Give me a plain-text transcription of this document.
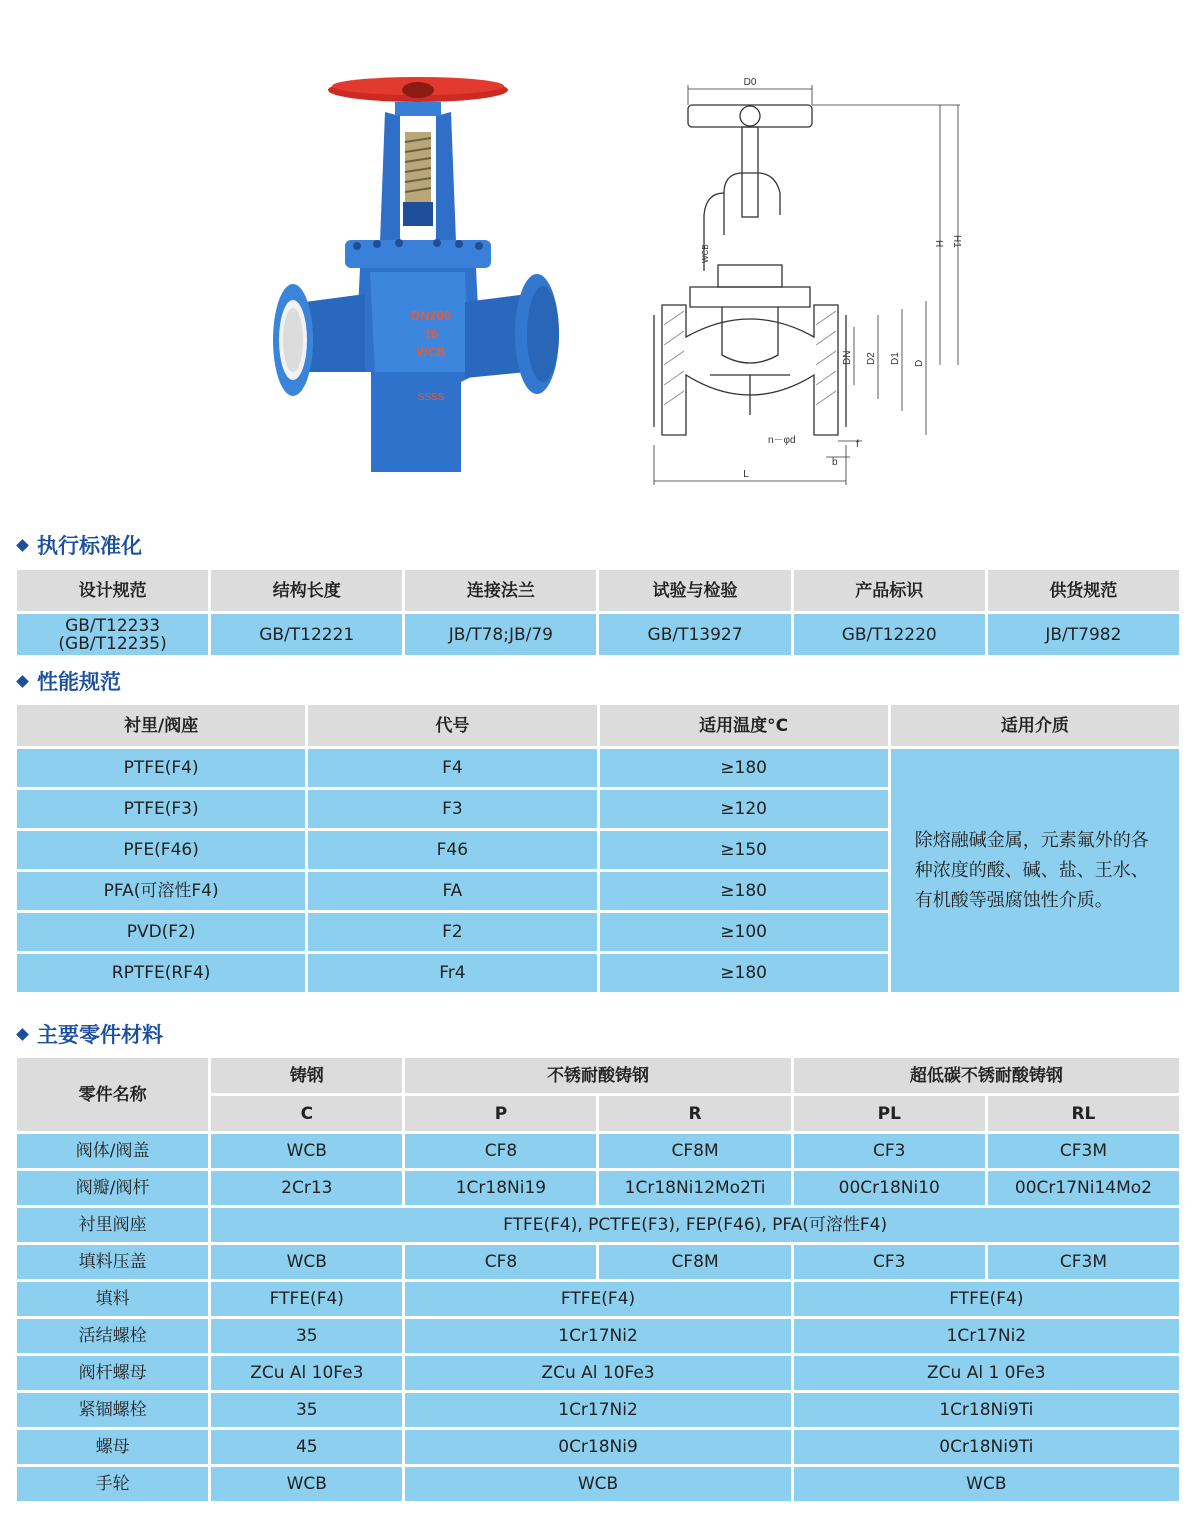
DN200
16
WCB
SSSS
D0
H H1
DN D2 D1 D
n－φd	f
b
L
WCB
执行标准化
设计规范	结构长度	连接法兰	试验与检验	产品标识	供货规范

GB/T12233
(GB/T12235)	GB/T12221	JB/T78;JB/79	GB/T13927	GB/T12220	JB/T7982
性能规范
衬里/阀座	代号	适用温度°C	适用介质
PTFE(F4)	F4	≥180	除熔融碱金属，元素氟外的各
种浓度的酸、碱、盐、王水、
有机酸等强腐蚀性介质。

PTFE(F3)	F3	≥120	
PFE(F46)	F46	≥150	
PFA(可溶性F4)	FA	≥180	
PVD(F2)	F2	≥100	
RPTFE(RF4)	Fr4	≥180	
主要零件材料
零件名称	铸钢	不锈耐酸铸钢		超低碳不锈耐酸铸钢	
	C	P	R	PL	RL
阀体/阀盖	WCB	CF8	CF8M	CF3	CF3M
阀瓣/阀杆	2Cr13	1Cr18Ni19	1Cr18Ni12Mo2Ti	00Cr18Ni10	00Cr17Ni14Mo2
衬里阀座	FTFE(F4), PCTFE(F3), FEP(F46), PFA(可溶性F4)				
填料压盖	WCB	CF8	CF8M	CF3	CF3M
填料	FTFE(F4)	FTFE(F4)		FTFE(F4)	
活结螺栓	35	1Cr17Ni2		1Cr17Ni2	
阀杆螺母	ZCu Al 10Fe3	ZCu Al 10Fe3		ZCu Al 1 0Fe3	
紧锢螺栓	35	1Cr17Ni2		1Cr18Ni9Ti	
螺母	45	0Cr18Ni9		0Cr18Ni9Ti	
手轮	WCB	WCB		WCB	
